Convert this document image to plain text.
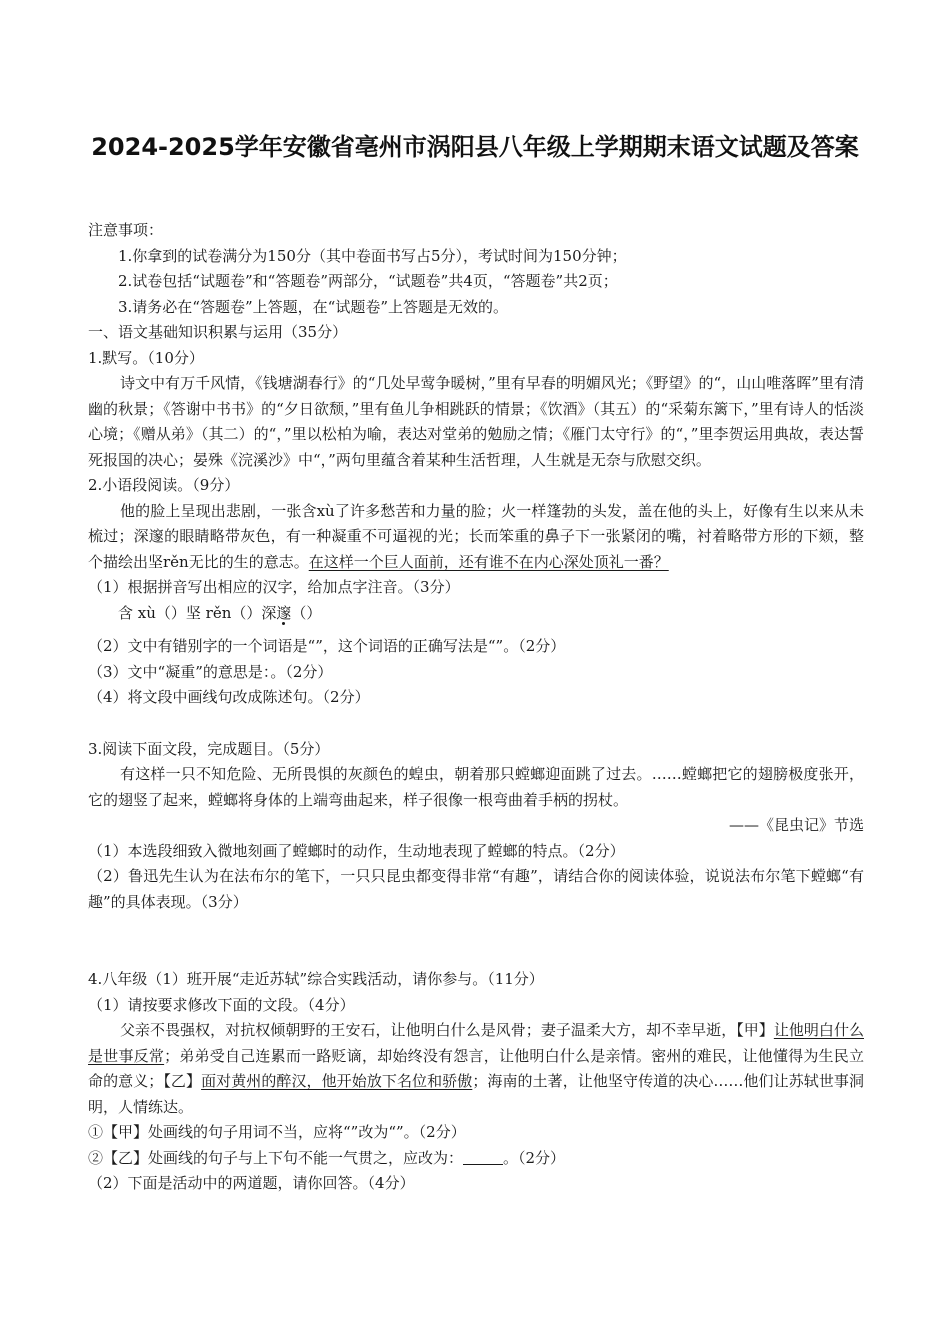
2024-2025学年安徽省亳州市涡阳县八年级上学期期末语文试题及答案
注意事项：
1.你拿到的试卷满分为150分（其中卷面书写占5分），考试时间为150分钟；
2.试卷包括“试题卷”和“答题卷”两部分，“试题卷”共4页，“答题卷”共2页；
3.请务必在“答题卷”上答题，在“试题卷”上答题是无效的。
一、语文基础知识积累与运用（35分）
1.默写。（10分）
诗文中有万千风情，《钱塘湖春行》的“几处早莺争暖树，”里有早春的明媚风光；《野望》的“，山山唯落晖”里有清幽的秋景；《答谢中书书》的“夕日欲颓，”里有鱼儿争相跳跃的情景；《饮酒》（其五）的“采菊东篱下，”里有诗人的恬淡心境；《赠从弟》（其二）的“，”里以松柏为喻，表达对堂弟的勉励之情；《雁门太守行》的“，”里李贺运用典故，表达誓死报国的决心；晏殊《浣溪沙》中“，”两句里蕴含着某种生活哲理，人生就是无奈与欣慰交织。
2.小语段阅读。（9分）
他的脸上呈现出悲剧，一张含xù了许多愁苦和力量的脸；火一样篷勃的头发，盖在他的头上，好像有生以来从未梳过；深邃的眼睛略带灰色，有一种凝重不可逼视的光；长而笨重的鼻子下一张紧闭的嘴，衬着略带方形的下颏，整个描绘出坚rěn无比的生的意志。在这样一个巨人面前，还有谁不在内心深处顶礼一番？
（1）根据拼音写出相应的汉字，给加点字注音。（3分）
含 xù（）坚 rěn（）深邃（）
（2）文中有错别字的一个词语是“”，这个词语的正确写法是“”。（2分）
（3）文中“凝重”的意思是：。（2分）
（4）将文段中画线句改成陈述句。（2分）
3.阅读下面文段，完成题目。（5分）
有这样一只不知危险、无所畏惧的灰颜色的蝗虫，朝着那只螳螂迎面跳了过去。……螳螂把它的翅膀极度张开，它的翅竖了起来，螳螂将身体的上端弯曲起来，样子很像一根弯曲着手柄的拐杖。
——《昆虫记》节选
（1）本选段细致入微地刻画了螳螂时的动作，生动地表现了螳螂的特点。（2分）
（2）鲁迅先生认为在法布尔的笔下，一只只昆虫都变得非常“有趣”，请结合你的阅读体验，说说法布尔笔下螳螂“有趣”的具体表现。（3分）
4.八年级（1）班开展“走近苏轼”综合实践活动，请你参与。（11分）
（1）请按要求修改下面的文段。（4分）
父亲不畏强权，对抗权倾朝野的王安石，让他明白什么是风骨；妻子温柔大方，却不幸早逝，【甲】让他明白什么是世事反常；弟弟受自己连累而一路贬谪，却始终没有怨言，让他明白什么是亲情。密州的难民，让他懂得为生民立命的意义；【乙】面对黄州的醉汉，他开始放下名位和骄傲；海南的土著，让他坚守传道的决心……他们让苏轼世事洞明，人情练达。
①【甲】处画线的句子用词不当，应将“”改为“”。（2分）
②【乙】处画线的句子与上下句不能一气贯之，应改为：	。（2分）
（2）下面是活动中的两道题，请你回答。（4分）
